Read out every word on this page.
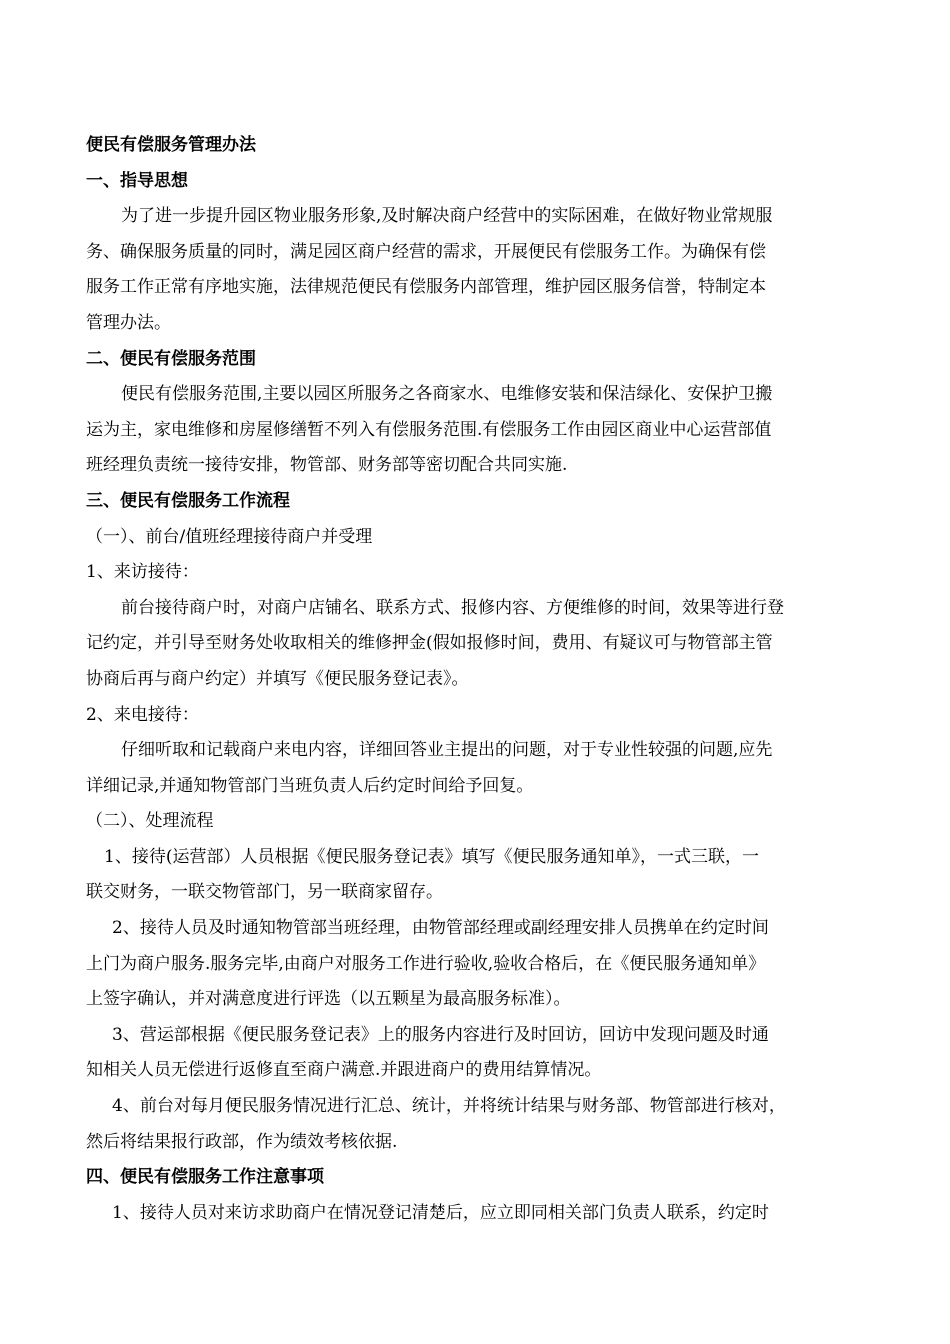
便民有偿服务管理办法

一、指导思想

为了进一步提升园区物业服务形象,及时解决商户经营中的实际困难，在做好物业常规服

务、确保服务质量的同时，满足园区商户经营的需求，开展便民有偿服务工作。为确保有偿

服务工作正常有序地实施，法律规范便民有偿服务内部管理，维护园区服务信誉，特制定本

管理办法。

二、便民有偿服务范围

便民有偿服务范围,主要以园区所服务之各商家水、电维修安装和保洁绿化、安保护卫搬

运为主，家电维修和房屋修缮暂不列入有偿服务范围.有偿服务工作由园区商业中心运营部值

班经理负责统一接待安排，物管部、财务部等密切配合共同实施.

三、便民有偿服务工作流程

（一）、前台/值班经理接待商户并受理

1、来访接待：

前台接待商户时，对商户店铺名、联系方式、报修内容、方便维修的时间，效果等进行登

记约定，并引导至财务处收取相关的维修押金(假如报修时间，费用、有疑议可与物管部主管

协商后再与商户约定）并填写《便民服务登记表》。

2、来电接待：

仔细听取和记载商户来电内容，详细回答业主提出的问题，对于专业性较强的问题,应先

详细记录,并通知物管部门当班负责人后约定时间给予回复。

（二）、处理流程

1、接待(运营部）人员根据《便民服务登记表》填写《便民服务通知单》，一式三联，一

联交财务，一联交物管部门，另一联商家留存。

2、接待人员及时通知物管部当班经理，由物管部经理或副经理安排人员携单在约定时间

上门为商户服务.服务完毕,由商户对服务工作进行验收,验收合格后，在《便民服务通知单》

上签字确认，并对满意度进行评选（以五颗星为最高服务标准）。

3、营运部根据《便民服务登记表》上的服务内容进行及时回访，回访中发现问题及时通

知相关人员无偿进行返修直至商户满意.并跟进商户的费用结算情况。

4、前台对每月便民服务情况进行汇总、统计，并将统计结果与财务部、物管部进行核对，

然后将结果报行政部，作为绩效考核依据.

四、便民有偿服务工作注意事项

1、接待人员对来访求助商户在情况登记清楚后，应立即同相关部门负责人联系，约定时
